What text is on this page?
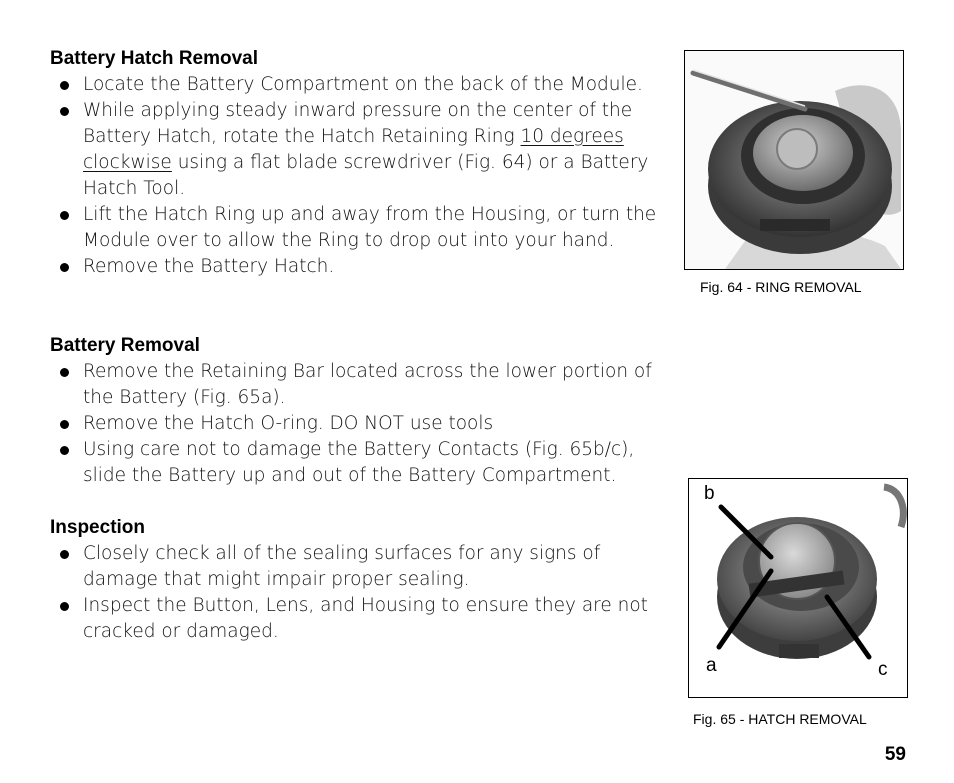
Battery Hatch Removal
Locate the Battery Compartment on the back of the Module.
While applying steady inward pressure on the center of the Battery Hatch, rotate the Hatch Retaining Ring 10 degrees clockwise using a flat blade screwdriver (Fig. 64) or a Battery Hatch Tool.
Lift the Hatch Ring up and away from the Housing, or turn the Module over to allow the Ring to drop out into your hand.
Remove the Battery Hatch.
Battery Removal
Remove the Retaining Bar located across the lower portion of the Battery (Fig. 65a).
Remove the Hatch O-ring. DO NOT use tools
Using care not to damage the Battery Contacts (Fig. 65b/c), slide the Battery up and out of the Battery Compartment.
Inspection
Closely check all of the sealing surfaces for any signs of damage that might impair proper sealing.
Inspect the Button, Lens, and Housing to ensure they are not cracked or damaged.
Fig. 64 - RING REMOVAL
b
a	c
Fig. 65 - HATCH REMOVAL
59
